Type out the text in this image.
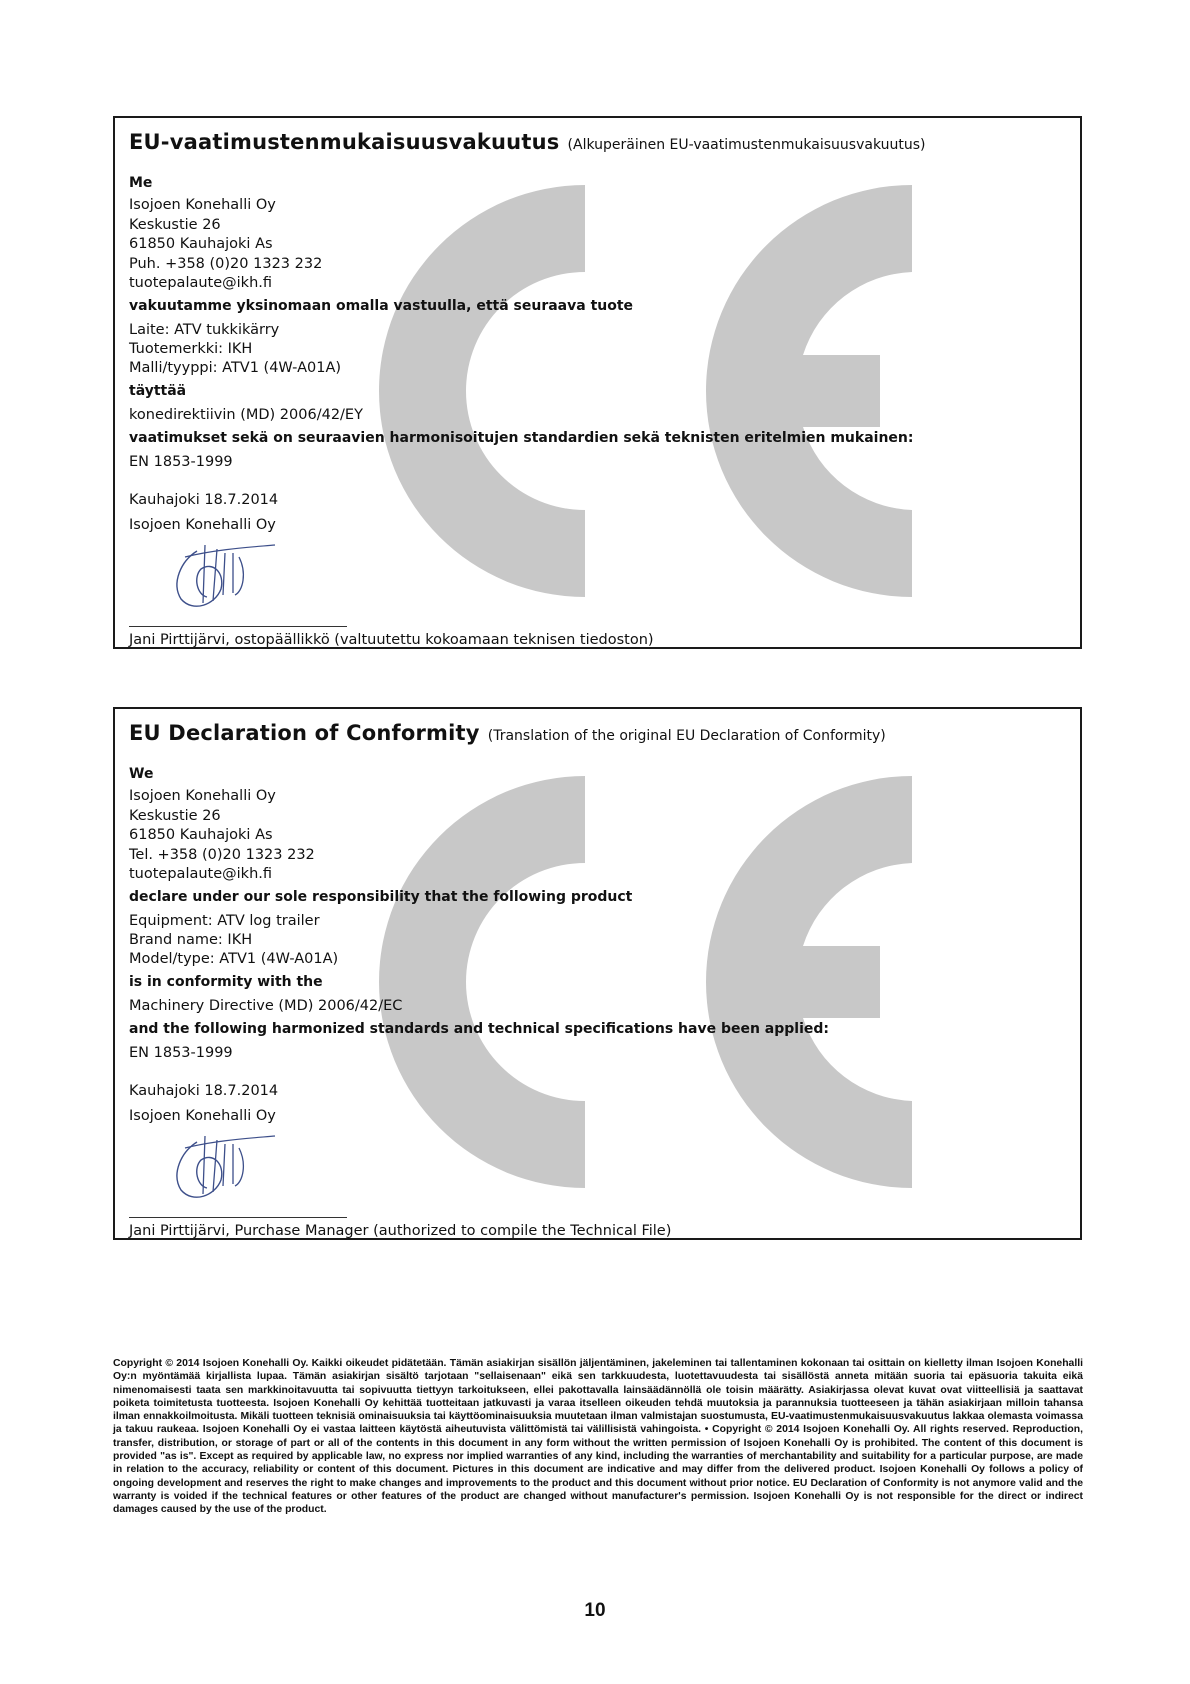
EU-vaatimustenmukaisuusvakuutus (Alkuperäinen EU-vaatimustenmukaisuusvakuutus)
Me
Isojoen Konehalli Oy
Keskustie 26
61850 Kauhajoki As
Puh. +358 (0)20 1323 232
tuotepalaute@ikh.fi
vakuutamme yksinomaan omalla vastuulla, että seuraava tuote
Laite: ATV tukkikärry
Tuotemerkki: IKH
Malli/tyyppi: ATV1 (4W-A01A)
täyttää
konedirektiivin (MD) 2006/42/EY
vaatimukset sekä on seuraavien harmonisoitujen standardien sekä teknisten eritelmien mukainen:
EN 1853-1999
Kauhajoki 18.7.2014
Isojoen Konehalli Oy
Jani Pirttijärvi, ostopäällikkö (valtuutettu kokoamaan teknisen tiedoston)
EU Declaration of Conformity (Translation of the original EU Declaration of Conformity)
We
Isojoen Konehalli Oy
Keskustie 26
61850 Kauhajoki As
Tel. +358 (0)20 1323 232
tuotepalaute@ikh.fi
declare under our sole responsibility that the following product
Equipment: ATV log trailer
Brand name: IKH
Model/type: ATV1 (4W-A01A)
is in conformity with the
Machinery Directive (MD) 2006/42/EC
and the following harmonized standards and technical specifications have been applied:
EN 1853-1999
Kauhajoki 18.7.2014
Isojoen Konehalli Oy
Jani Pirttijärvi, Purchase Manager (authorized to compile the Technical File)
Copyright © 2014 Isojoen Konehalli Oy. Kaikki oikeudet pidätetään. Tämän asiakirjan sisällön jäljentäminen, jakeleminen tai tallentaminen kokonaan tai osittain on kielletty ilman Isojoen Konehalli Oy:n myöntämää kirjallista lupaa. Tämän asiakirjan sisältö tarjotaan "sellaisenaan" eikä sen tarkkuudesta, luotettavuudesta tai sisällöstä anneta mitään suoria tai epäsuoria takuita eikä nimenomaisesti taata sen markkinoitavuutta tai sopivuutta tiettyyn tarkoitukseen, ellei pakottavalla lainsäädännöllä ole toisin määrätty. Asiakirjassa olevat kuvat ovat viitteellisiä ja saattavat poiketa toimitetusta tuotteesta. Isojoen Konehalli Oy kehittää tuotteitaan jatkuvasti ja varaa itselleen oikeuden tehdä muutoksia ja parannuksia tuotteeseen ja tähän asiakirjaan milloin tahansa ilman ennakkoilmoitusta. Mikäli tuotteen teknisiä ominaisuuksia tai käyttöominaisuuksia muutetaan ilman valmistajan suostumusta, EU-vaatimustenmukaisuusvakuutus lakkaa olemasta voimassa ja takuu raukeaa. Isojoen Konehalli Oy ei vastaa laitteen käytöstä aiheutuvista välittömistä tai välillisistä vahingoista. • Copyright © 2014 Isojoen Konehalli Oy. All rights reserved. Reproduction, transfer, distribution, or storage of part or all of the contents in this document in any form without the written permission of Isojoen Konehalli Oy is prohibited. The content of this document is provided "as is". Except as required by applicable law, no express nor implied warranties of any kind, including the warranties of merchantability and suitability for a particular purpose, are made in relation to the accuracy, reliability or content of this document. Pictures in this document are indicative and may differ from the delivered product. Isojoen Konehalli Oy follows a policy of ongoing development and reserves the right to make changes and improvements to the product and this document without prior notice. EU Declaration of Conformity is not anymore valid and the warranty is voided if the technical features or other features of the product are changed without manufacturer's permission. Isojoen Konehalli Oy is not responsible for the direct or indirect damages caused by the use of the product.
10
